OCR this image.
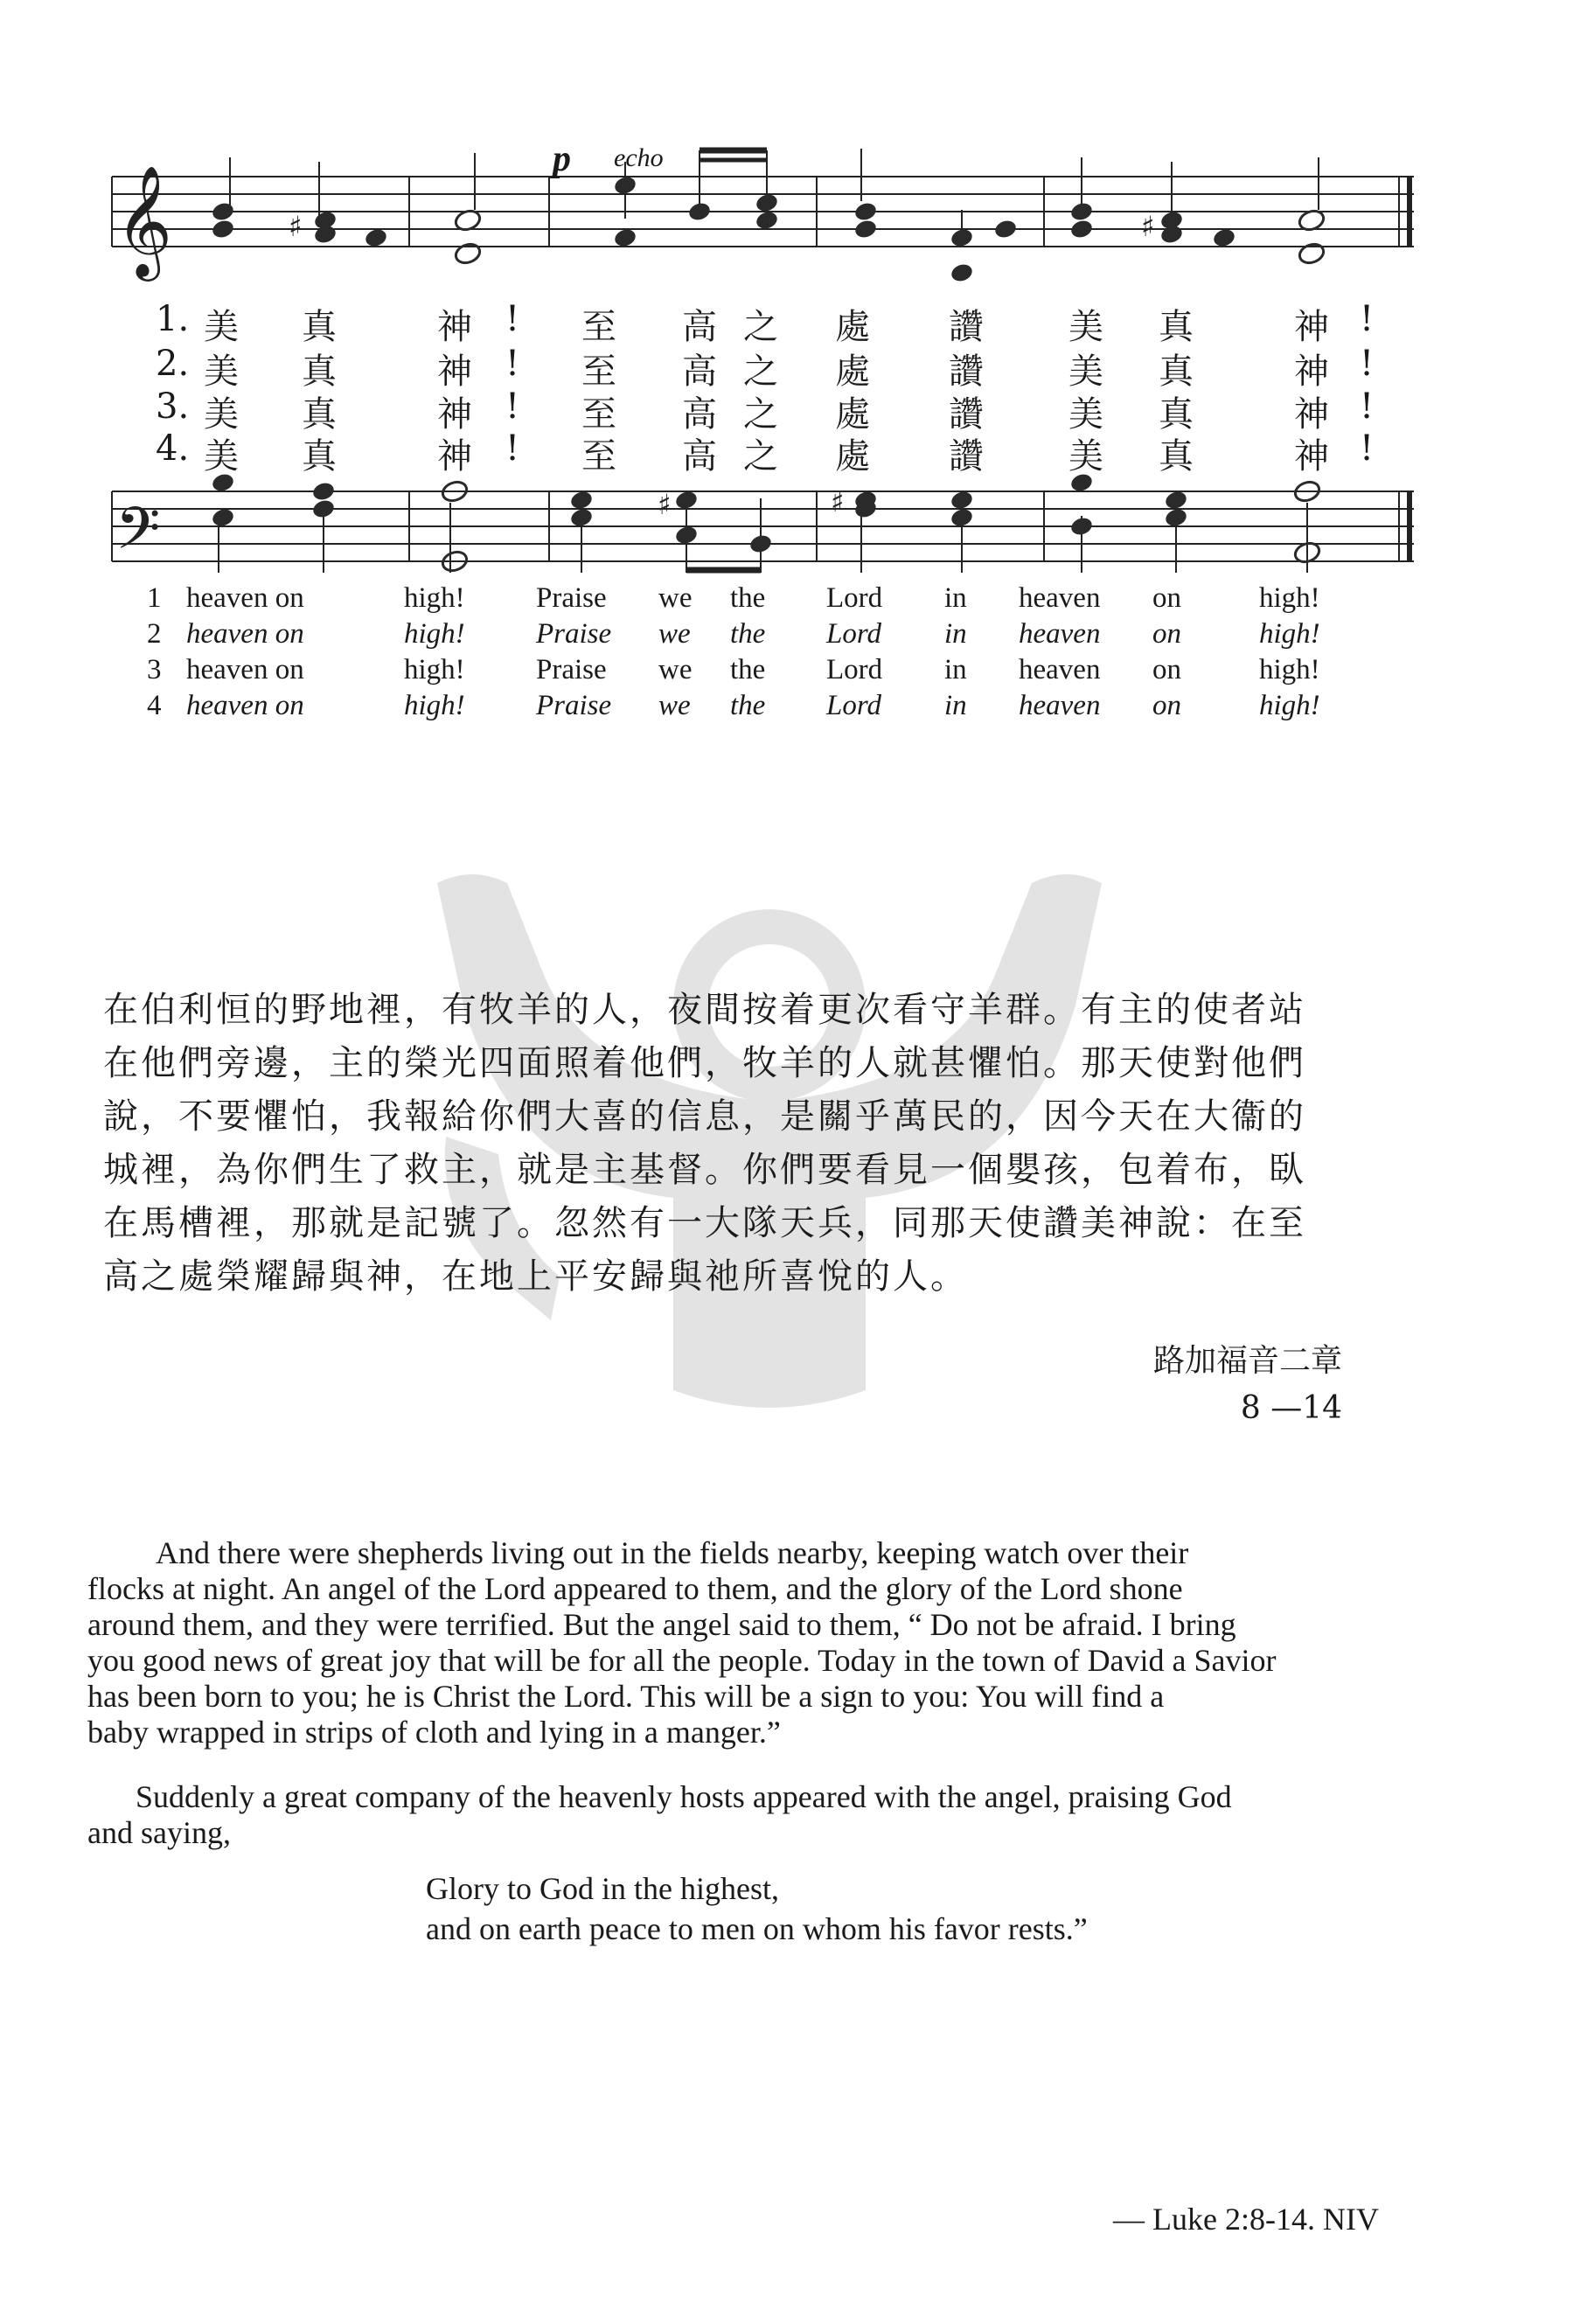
𝄞
𝄢
♯	♯
♯	♯
p echo
1. 美 真	神 ! 至 高 之 處 讚 美 真	神 !
2. 美 真	神 ! 至 高 之 處 讚 美 真	神 !
3. 美 真	神 ! 至 高 之 處 讚 美 真	神 !
4. 美 真	神 ! 至 高 之 處 讚 美 真	神 !
1 heaven on	high! Praise we the Lord in heaven on	high!
2 heaven on	high! Praise we the Lord in heaven on	high!
3 heaven on	high! Praise we the Lord in heaven on	high!
4 heaven on	high! Praise we the Lord in heaven on	high!
在伯利恒的野地裡，有牧羊的人，夜間按着更次看守羊群。有主的使者站
在他們旁邊，主的榮光四面照着他們，牧羊的人就甚懼怕。那天使對他們
說，不要懼怕，我報給你們大喜的信息，是關乎萬民的，因今天在大衞的
城裡，為你們生了救主，就是主基督。你們要看見一個嬰孩，包着布，臥
在馬槽裡，那就是記號了。忽然有一大隊天兵，同那天使讚美神說：在至
高之處榮耀歸與神，在地上平安歸與祂所喜悅的人。
路加福音二章
8 —14
And there were shepherds living out in the fields nearby, keeping watch over their
flocks at night. An angel of the Lord appeared to them, and the glory of the Lord shone
around them, and they were terrified. But the angel said to them, “ Do not be afraid. I bring
you good news of great joy that will be for all the people. Today in the town of David a Savior
has been born to you; he is Christ the Lord. This will be a sign to you: You will find a
baby wrapped in strips of cloth and lying in a manger.”
Suddenly a great company of the heavenly hosts appeared with the angel, praising God
and saying,
Glory to God in the highest,
and on earth peace to men on whom his favor rests.”
— Luke 2:8-14. NIV
